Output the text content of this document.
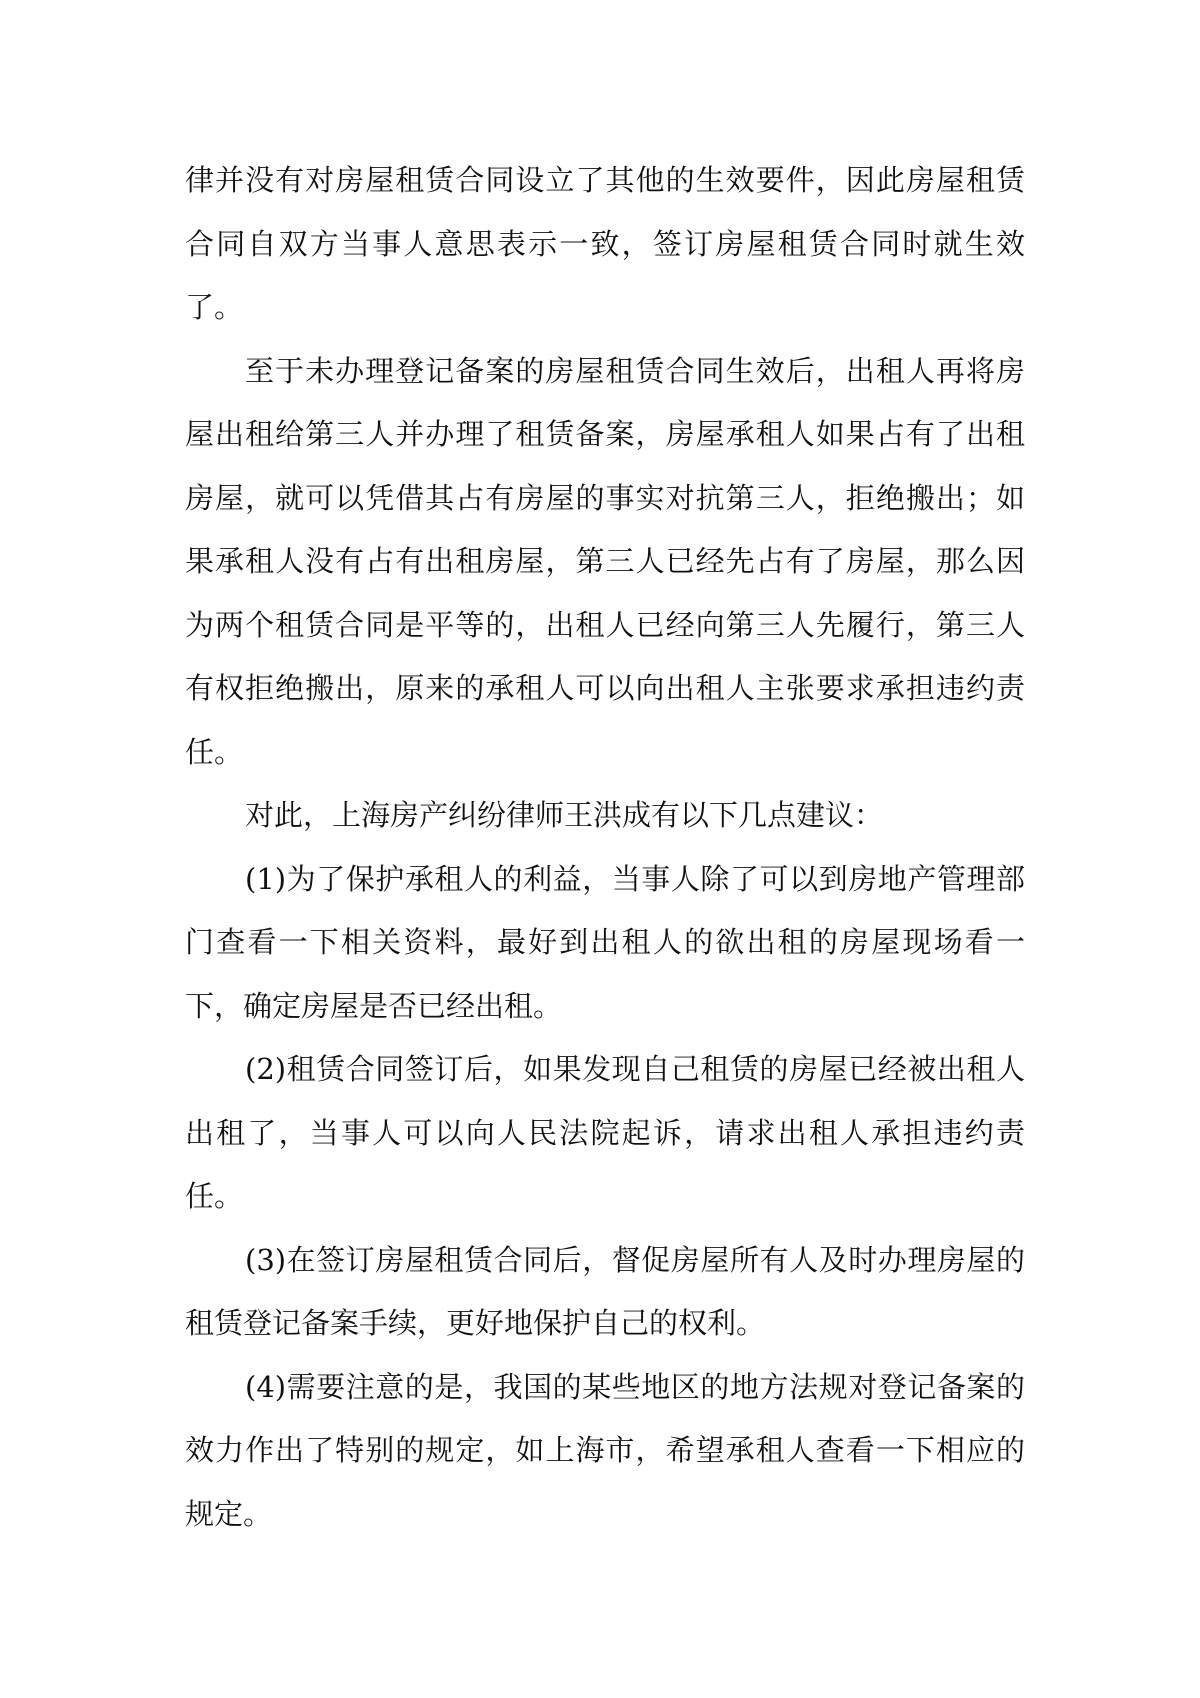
律并没有对房屋租赁合同设立了其他的生效要件，因此房屋租赁合同自双方当事人意思表示一致，签订房屋租赁合同时就生效了。

至于未办理登记备案的房屋租赁合同生效后，出租人再将房屋出租给第三人并办理了租赁备案，房屋承租人如果占有了出租房屋，就可以凭借其占有房屋的事实对抗第三人，拒绝搬出；如果承租人没有占有出租房屋，第三人已经先占有了房屋，那么因为两个租赁合同是平等的，出租人已经向第三人先履行，第三人有权拒绝搬出，原来的承租人可以向出租人主张要求承担违约责任。

对此，上海房产纠纷律师王洪成有以下几点建议：

(1)为了保护承租人的利益，当事人除了可以到房地产管理部门查看一下相关资料，最好到出租人的欲出租的房屋现场看一下，确定房屋是否已经出租。

(2)租赁合同签订后，如果发现自己租赁的房屋已经被出租人出租了，当事人可以向人民法院起诉，请求出租人承担违约责任。

(3)在签订房屋租赁合同后，督促房屋所有人及时办理房屋的租赁登记备案手续，更好地保护自己的权利。

(4)需要注意的是，我国的某些地区的地方法规对登记备案的效力作出了特别的规定，如上海市，希望承租人查看一下相应的规定。
